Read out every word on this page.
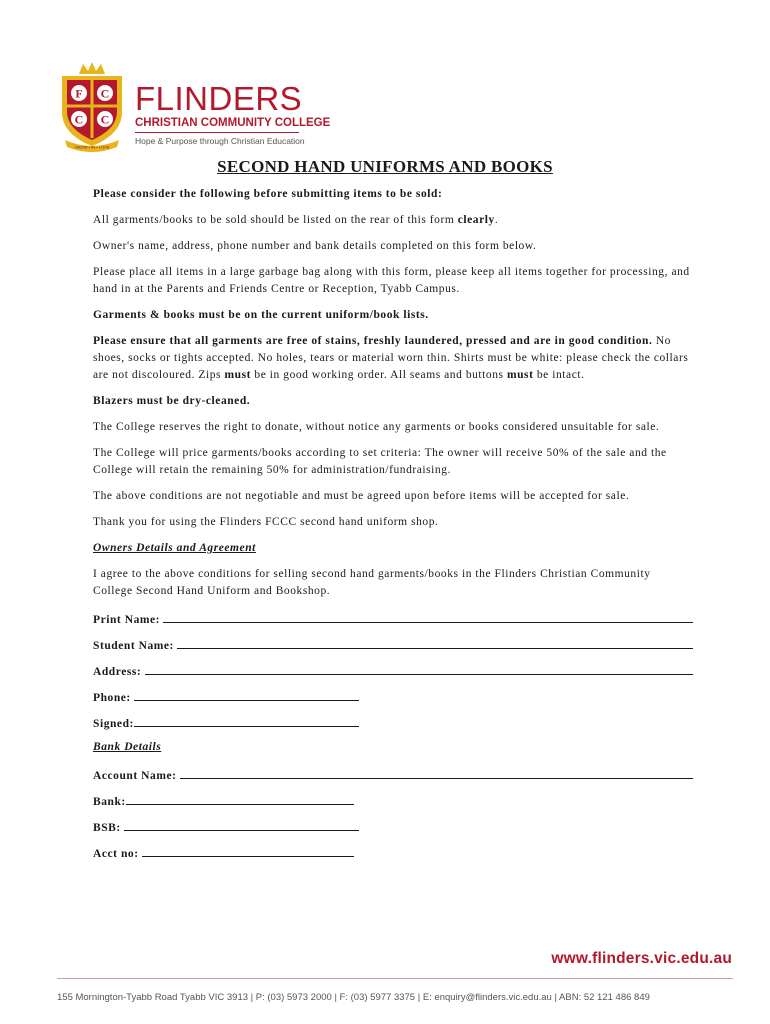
F C
C C
GROW • IN • LOVE
FLINDERS
CHRISTIAN COMMUNITY COLLEGE
Hope & Purpose through Christian Education
SECOND HAND UNIFORMS AND BOOKS

Please consider the following before submitting items to be sold:

All garments/books to be sold should be listed on the rear of this form clearly.

Owner's name, address, phone number and bank details completed on this form below.

Please place all items in a large garbage bag along with this form, please keep all items together for processing, and hand in at the Parents and Friends Centre or Reception, Tyabb Campus.

Garments & books must be on the current uniform/book lists.

Please ensure that all garments are free of stains, freshly laundered, pressed and are in good condition. No shoes, socks or tights accepted. No holes, tears or material worn thin. Shirts must be white: please check the collars are not discoloured. Zips must be in good working order. All seams and buttons must be intact.

Blazers must be dry-cleaned.

The College reserves the right to donate, without notice any garments or books considered unsuitable for sale.

The College will price garments/books according to set criteria: The owner will receive 50% of the sale and the College will retain the remaining 50% for administration/fundraising.

The above conditions are not negotiable and must be agreed upon before items will be accepted for sale.

Thank you for using the Flinders FCCC second hand uniform shop.

Owners Details and Agreement

I agree to the above conditions for selling second hand garments/books in the Flinders Christian Community College Second Hand Uniform and Bookshop.

Print Name:
Student Name:
Address:
Phone:
Signed:

Bank Details

Account Name:
Bank:
BSB:
Acct no:
www.flinders.vic.edu.au
155 Mornington-Tyabb Road Tyabb VIC 3913 | P: (03) 5973 2000 | F: (03) 5977 3375 | E: enquiry@flinders.vic.edu.au | ABN: 52 121 486 849
